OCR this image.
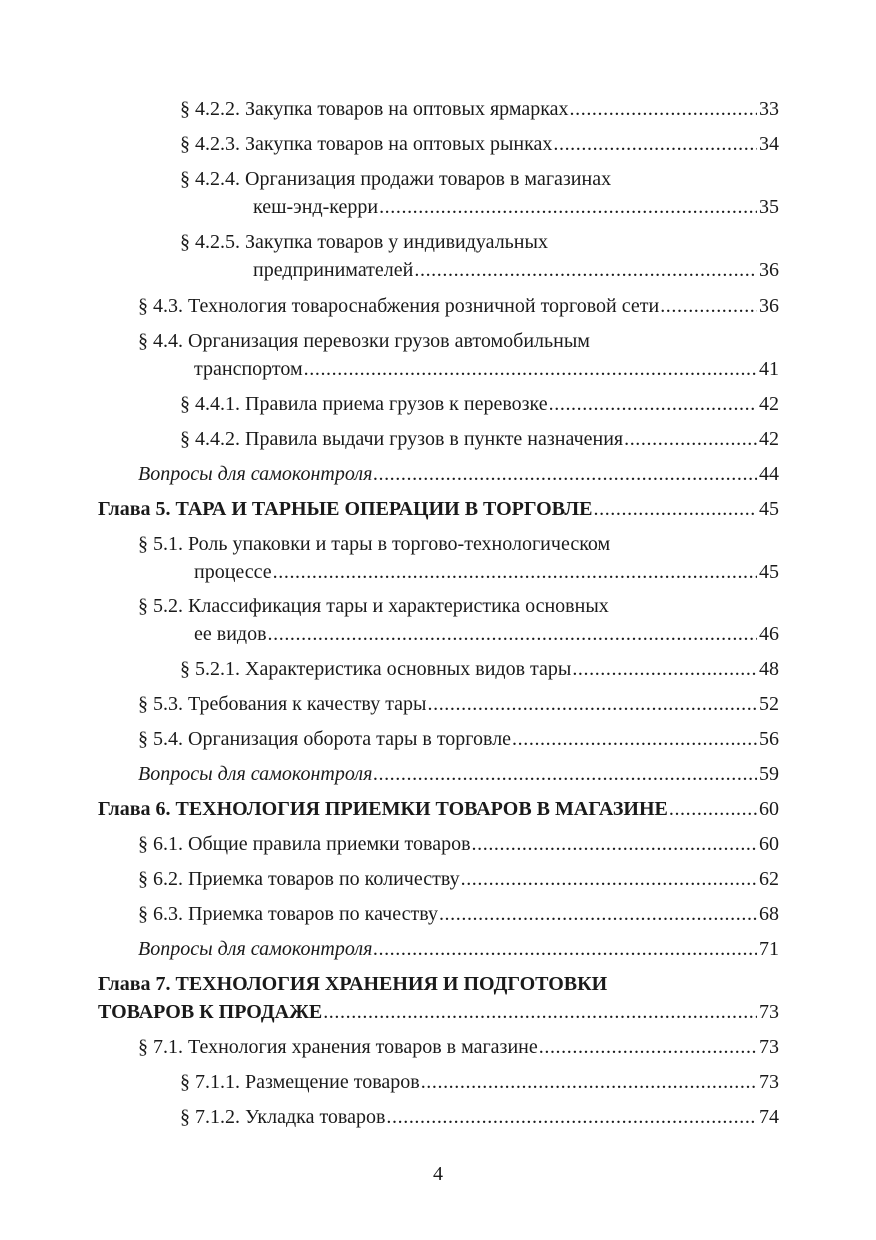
§ 4.2.2. Закупка товаров на оптовых ярмарках .....	33
§ 4.2.3. Закупка товаров на оптовых рынках .....	34
§ 4.2.4. Организация продажи товаров в магазинах
кеш-энд-керри .....	35
§ 4.2.5. Закупка товаров у индивидуальных
предпринимателей .....	36
§ 4.3. Технология товароснабжения розничной торговой сети .....	36
§ 4.4. Организация перевозки грузов автомобильным
транспортом .....	41
§ 4.4.1. Правила приема грузов к перевозке .....	42
§ 4.4.2. Правила выдачи грузов в пункте назначения .....	42
Вопросы для самоконтроля .....	44
Глава 5. ТАРА И ТАРНЫЕ ОПЕРАЦИИ В ТОРГОВЛЕ .....	45
§ 5.1. Роль упаковки и тары в торгово-технологическом
процессе .....	45
§ 5.2. Классификация тары и характеристика основных
ее видов .....	46
§ 5.2.1. Характеристика основных видов тары .....	48
§ 5.3. Требования к качеству тары .....	52
§ 5.4. Организация оборота тары в торговле .....	56
Вопросы для самоконтроля .....	59
Глава 6. ТЕХНОЛОГИЯ ПРИЕМКИ ТОВАРОВ В МАГАЗИНЕ .....	60
§ 6.1. Общие правила приемки товаров .....	60
§ 6.2. Приемка товаров по количеству .....	62
§ 6.3. Приемка товаров по качеству .....	68
Вопросы для самоконтроля .....	71
Глава 7. ТЕХНОЛОГИЯ ХРАНЕНИЯ И ПОДГОТОВКИ
ТОВАРОВ К ПРОДАЖЕ .....	73
§ 7.1. Технология хранения товаров в магазине .....	73
§ 7.1.1. Размещение товаров .....	73
§ 7.1.2. Укладка товаров .....	74
4
